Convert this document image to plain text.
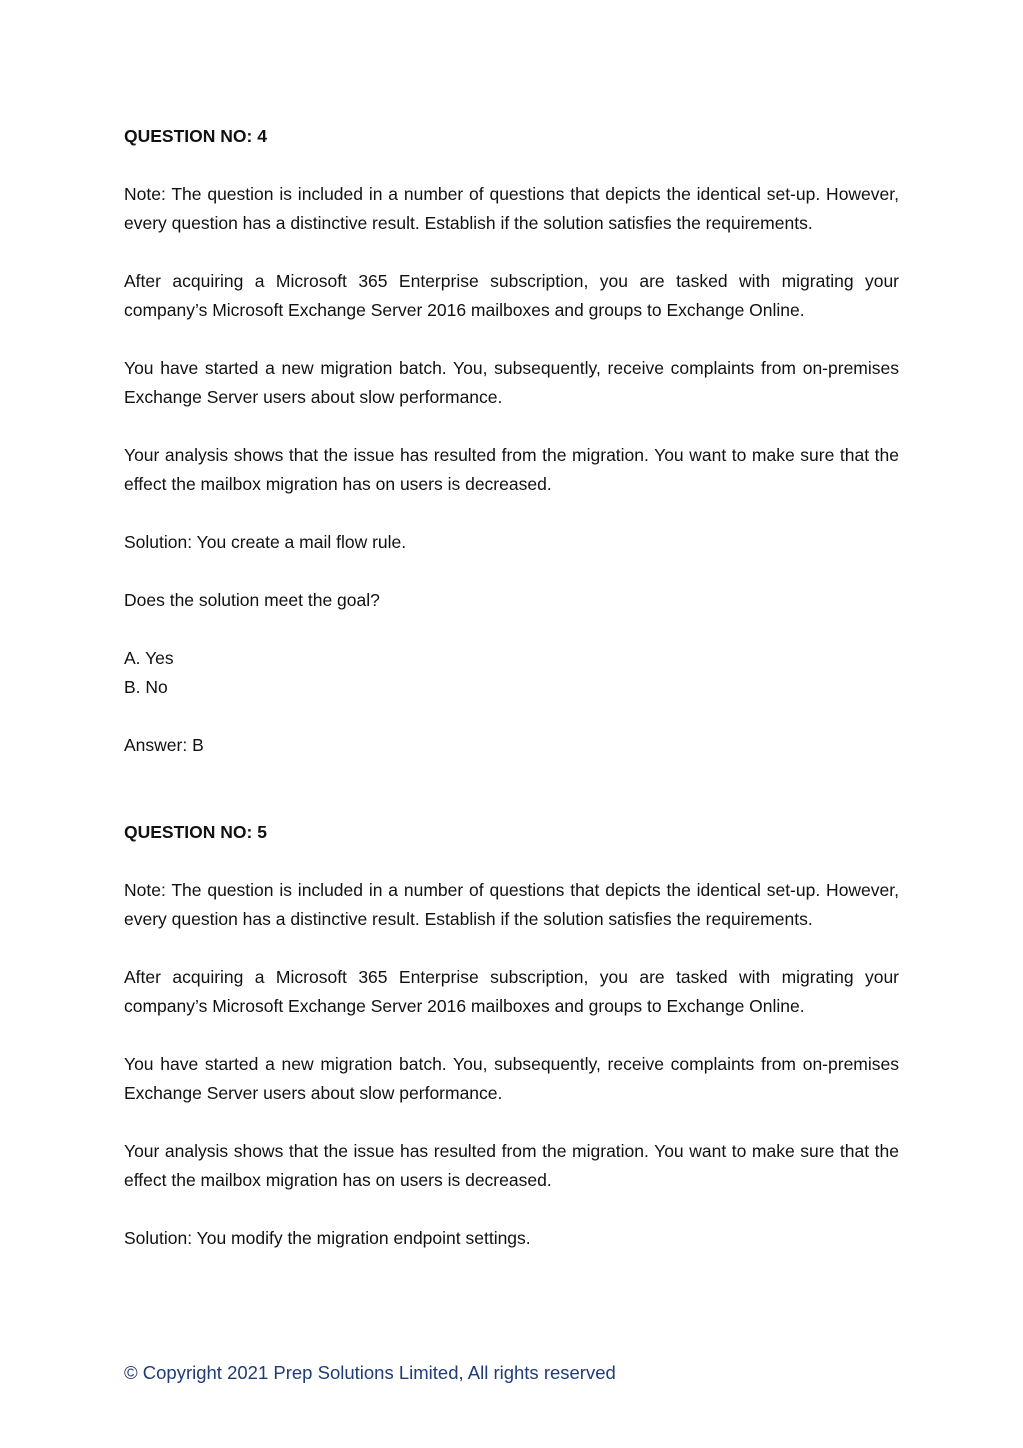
QUESTION NO: 4
Note: The question is included in a number of questions that depicts the identical set-up. However, every question has a distinctive result. Establish if the solution satisfies the requirements.
After acquiring a Microsoft 365 Enterprise subscription, you are tasked with migrating your company’s Microsoft Exchange Server 2016 mailboxes and groups to Exchange Online.
You have started a new migration batch. You, subsequently, receive complaints from on-premises Exchange Server users about slow performance.
Your analysis shows that the issue has resulted from the migration. You want to make sure that the effect the mailbox migration has on users is decreased.
Solution: You create a mail flow rule.
Does the solution meet the goal?
A. Yes
B. No
Answer: B
QUESTION NO: 5
Note: The question is included in a number of questions that depicts the identical set-up. However, every question has a distinctive result. Establish if the solution satisfies the requirements.
After acquiring a Microsoft 365 Enterprise subscription, you are tasked with migrating your company’s Microsoft Exchange Server 2016 mailboxes and groups to Exchange Online.
You have started a new migration batch. You, subsequently, receive complaints from on-premises Exchange Server users about slow performance.
Your analysis shows that the issue has resulted from the migration. You want to make sure that the effect the mailbox migration has on users is decreased.
Solution: You modify the migration endpoint settings.
© Copyright 2021 Prep Solutions Limited, All rights reserved
